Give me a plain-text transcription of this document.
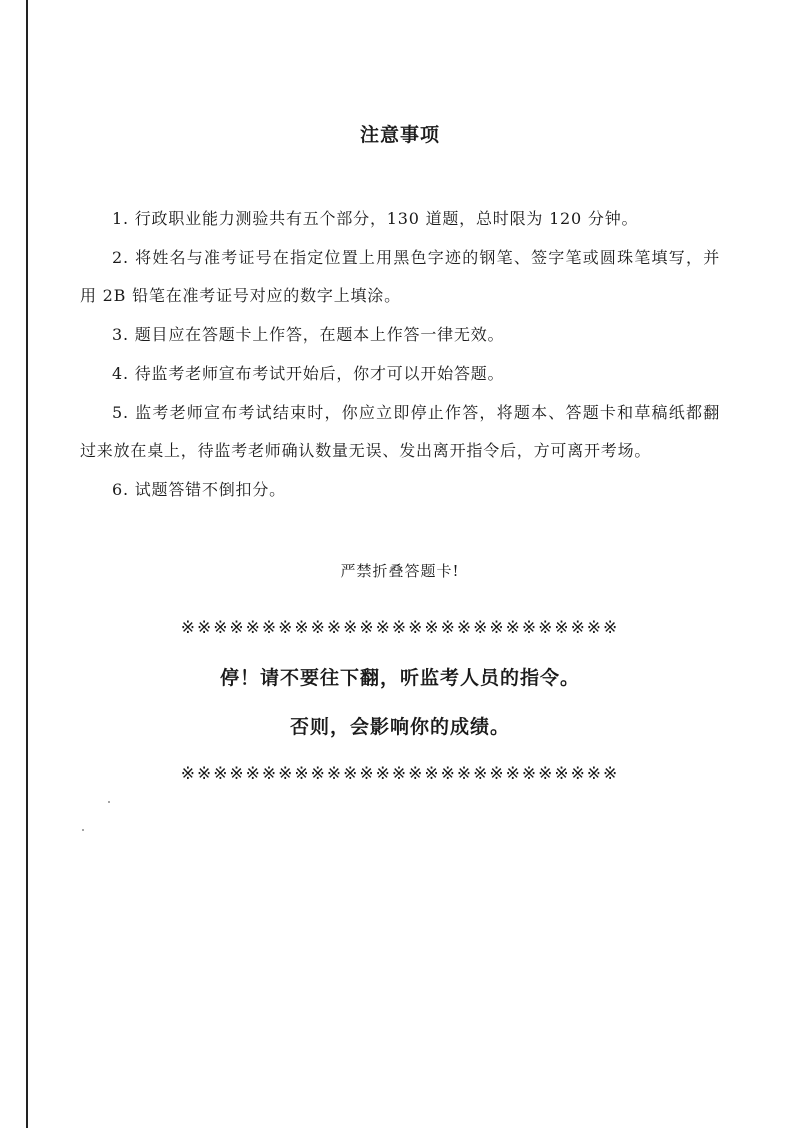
注意事项

1. 行政职业能力测验共有五个部分，130 道题，总时限为 120 分钟。

2. 将姓名与准考证号在指定位置上用黑色字迹的钢笔、签字笔或圆珠笔填写，并用 2B 铅笔在准考证号对应的数字上填涂。

3. 题目应在答题卡上作答，在题本上作答一律无效。

4. 待监考老师宣布考试开始后，你才可以开始答题。

5. 监考老师宣布考试结束时，你应立即停止作答，将题本、答题卡和草稿纸都翻过来放在桌上，待监考老师确认数量无误、发出离开指令后，方可离开考场。

6. 试题答错不倒扣分。

严禁折叠答题卡!
※※※※※※※※※※※※※※※※※※※※※※※※※※※
停！请不要往下翻，听监考人员的指令。
否则，会影响你的成绩。
※※※※※※※※※※※※※※※※※※※※※※※※※※※
